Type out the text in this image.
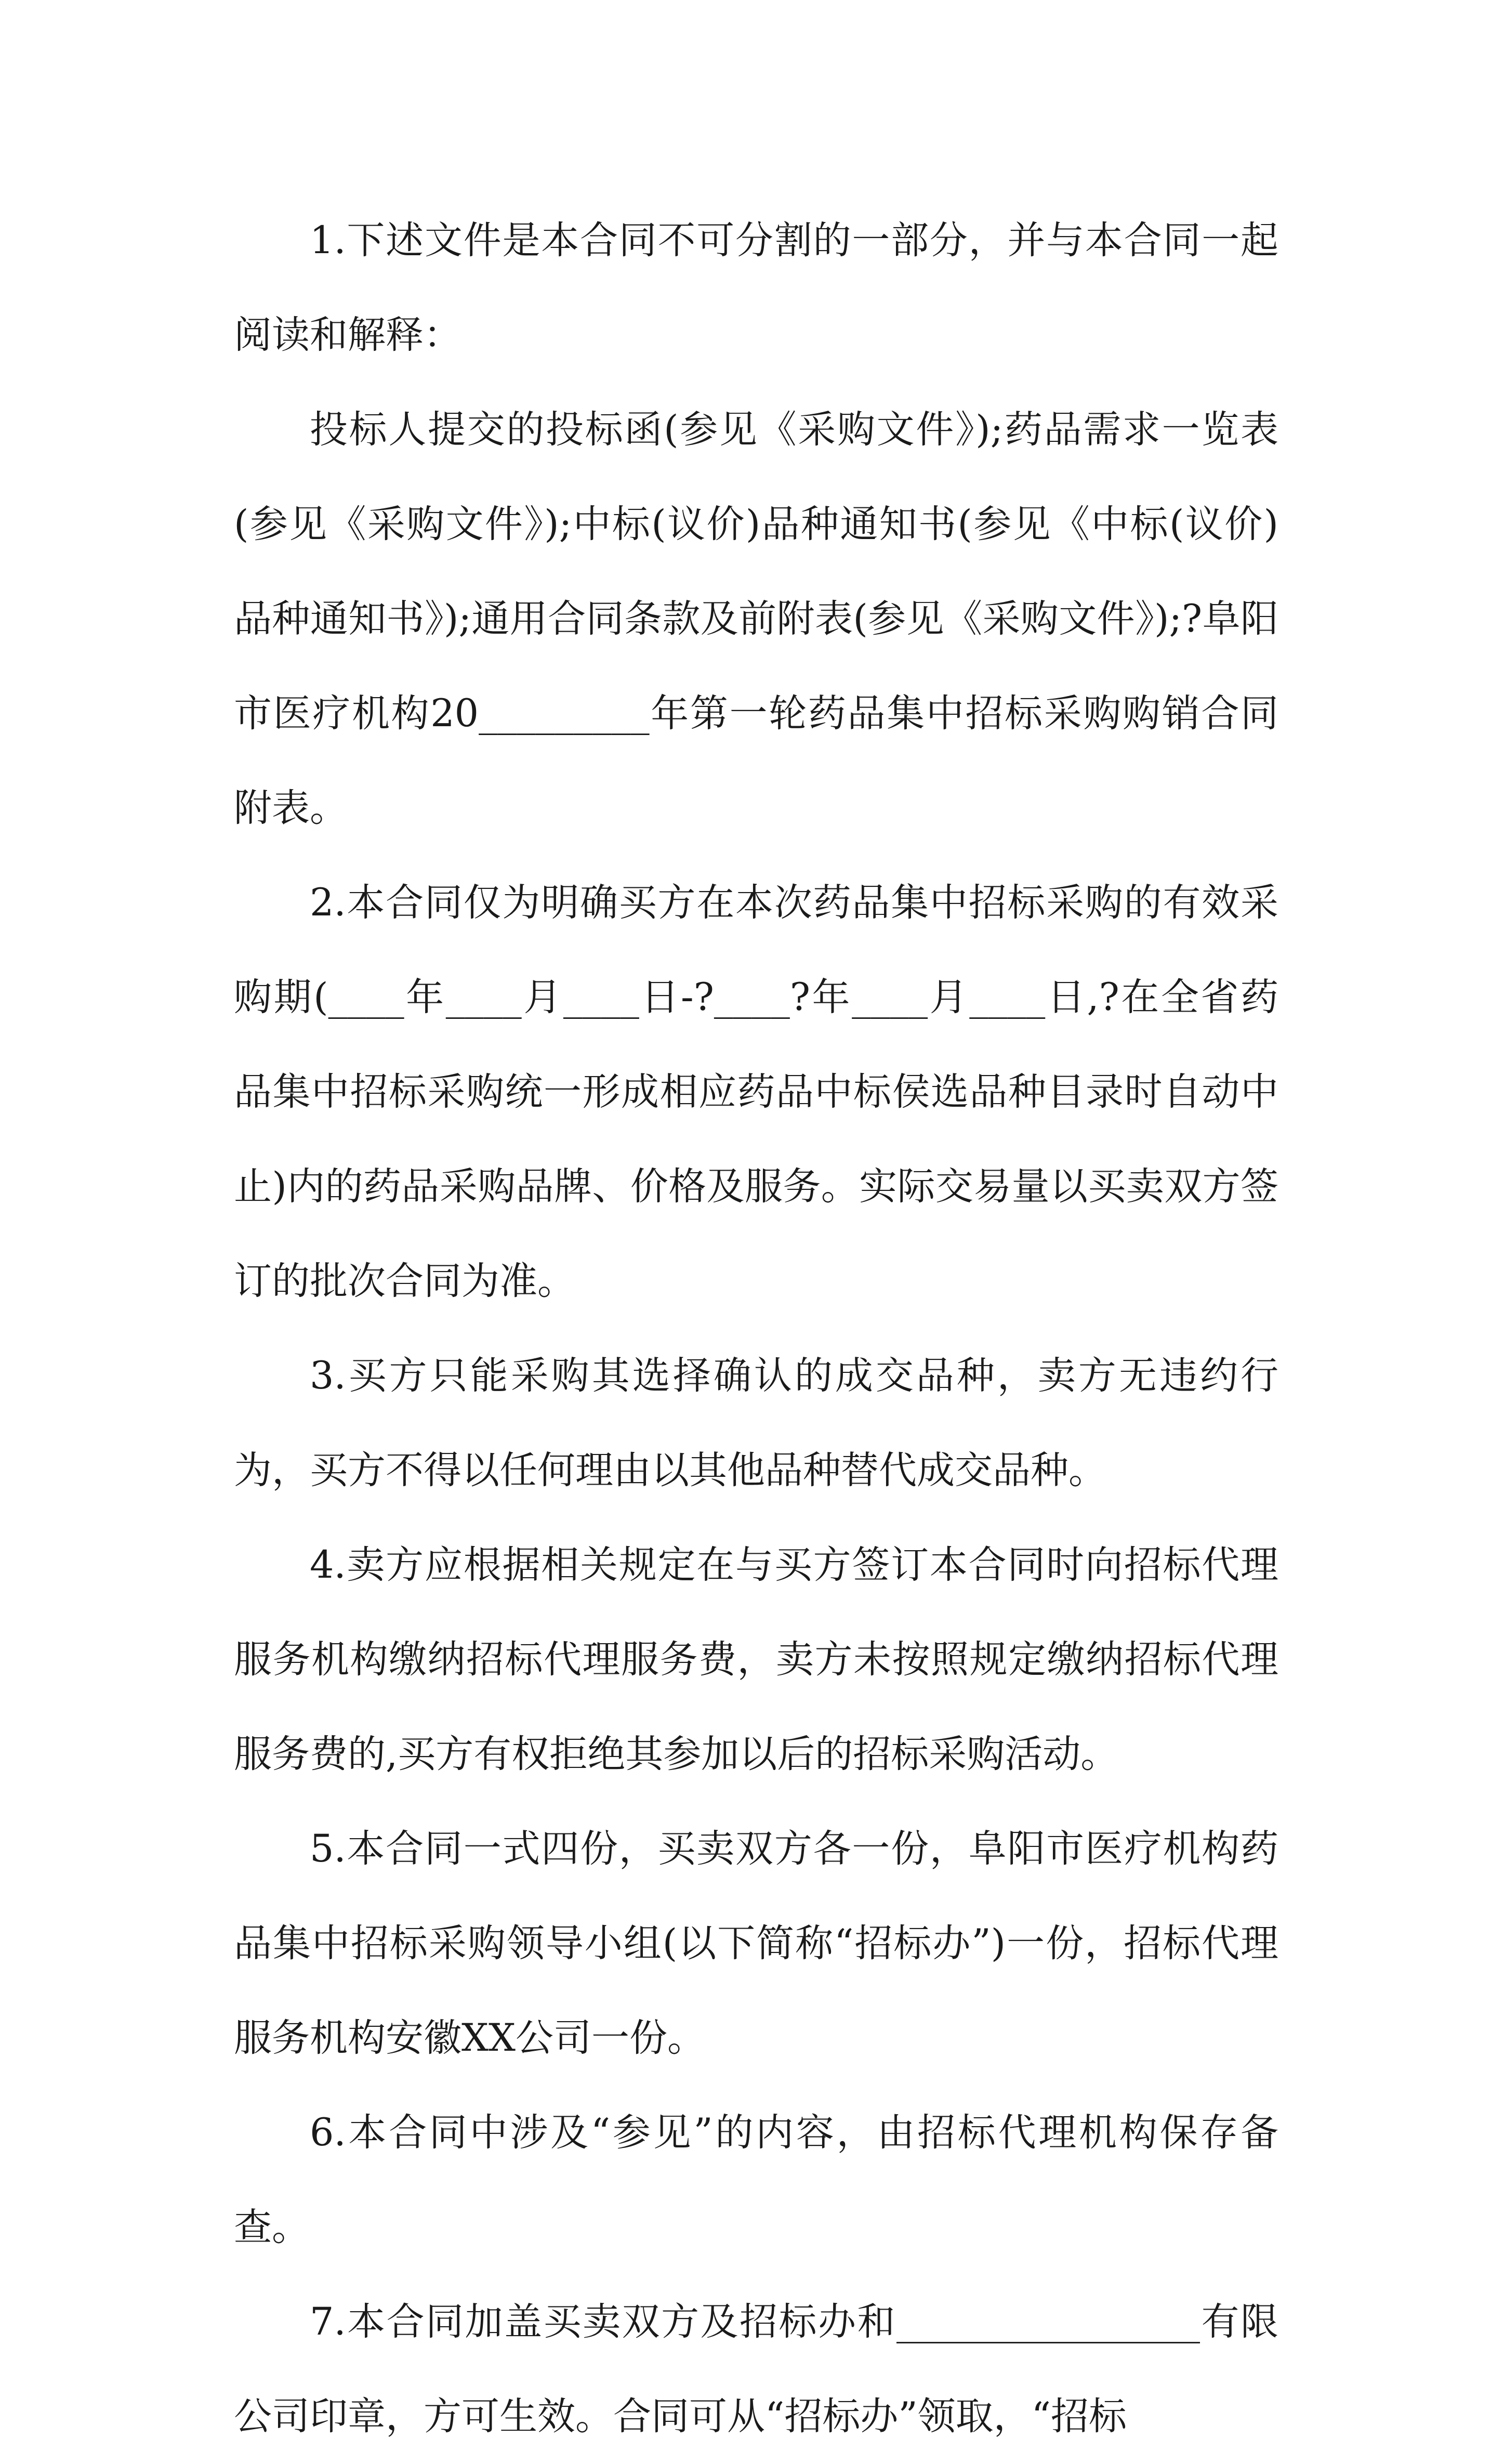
1.下述文件是本合同不可分割的一部分，并与本合同一起阅读和解释：

投标人提交的投标函(参见《采购文件》);药品需求一览表(参见《采购文件》);中标(议价)品种通知书(参见《中标(议价)品种通知书》);通用合同条款及前附表(参见《采购文件》);?阜阳市医疗机构20_________年第一轮药品集中招标采购购销合同附表。

2.本合同仅为明确买方在本次药品集中招标采购的有效采购期(____年____月____日-?____?年____月____日,?在全省药品集中招标采购统一形成相应药品中标侯选品种目录时自动中止)内的药品采购品牌、价格及服务。实际交易量以买卖双方签订的批次合同为准。

3.买方只能采购其选择确认的成交品种，卖方无违约行为，买方不得以任何理由以其他品种替代成交品种。

4.卖方应根据相关规定在与买方签订本合同时向招标代理服务机构缴纳招标代理服务费，卖方未按照规定缴纳招标代理服务费的,买方有权拒绝其参加以后的招标采购活动。

5.本合同一式四份，买卖双方各一份，阜阳市医疗机构药品集中招标采购领导小组(以下简称“招标办”)一份，招标代理服务机构安徽XX公司一份。

6.本合同中涉及“参见”的内容，由招标代理机构保存备查。

7.本合同加盖买卖双方及招标办和________________有限公司印章，方可生效。合同可从“招标办”领取，“招标
